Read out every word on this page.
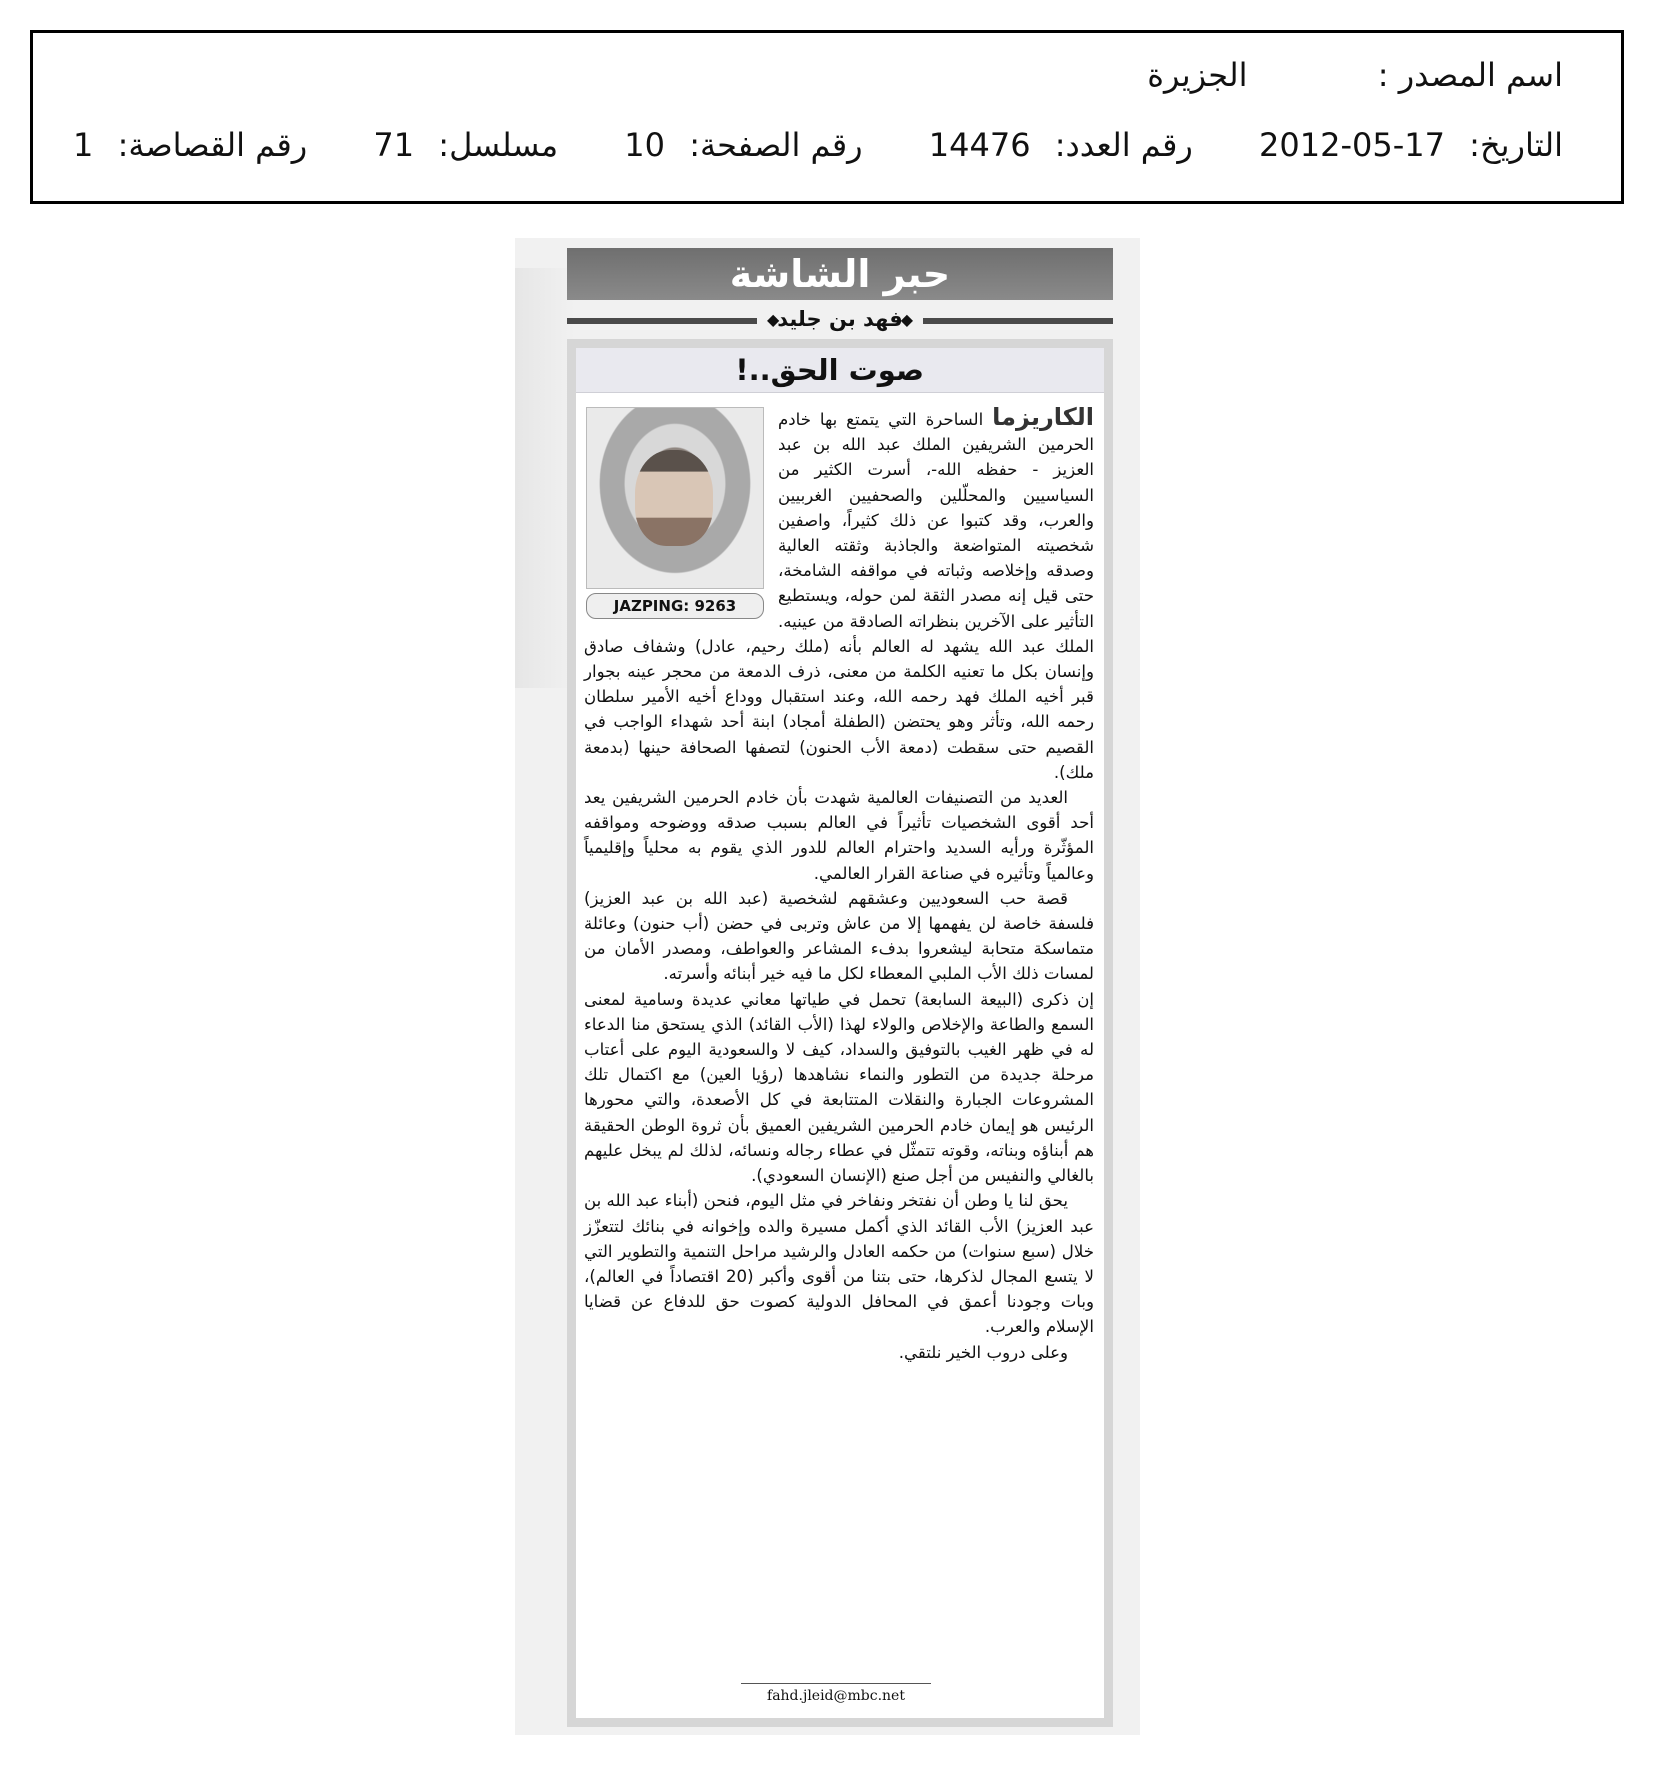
اسم المصدر : الجزيرة
التاريخ: 2012-05-17 رقم العدد: 14476 رقم الصفحة: 10 مسلسل: 71 رقم القصاصة: 1
حبر الشاشة
◆
فهد بن جليد
◆
صوت الحق..!
JAZPING: 9263

الكاريزما الساحرة التي يتمتع بها خادم الحرمين الشريفين الملك عبد الله بن عبد العزيز - حفظه الله-، أسرت الكثير من السياسيين والمحلّلين والصحفيين الغربيين والعرب، وقد كتبوا عن ذلك كثيراً، واصفين شخصيته المتواضعة والجاذبة وثقته العالية وصدقه وإخلاصه وثباته في مواقفه الشامخة، حتى قيل إنه مصدر الثقة لمن حوله، ويستطيع التأثير على الآخرين بنظراته الصادقة من عينيه. الملك عبد الله يشهد له العالم بأنه (ملك رحيم، عادل) وشفاف صادق وإنسان بكل ما تعنيه الكلمة من معنى، ذرف الدمعة من محجر عينه بجوار قبر أخيه الملك فهد رحمه الله، وعند استقبال ووداع أخيه الأمير سلطان رحمه الله، وتأثر وهو يحتضن (الطفلة أمجاد) ابنة أحد شهداء الواجب في القصيم حتى سقطت (دمعة الأب الحنون) لتصفها الصحافة حينها (بدمعة ملك).

العديد من التصنيفات العالمية شهدت بأن خادم الحرمين الشريفين يعد أحد أقوى الشخصيات تأثيراً في العالم بسبب صدقه ووضوحه ومواقفه المؤثّرة ورأيه السديد واحترام العالم للدور الذي يقوم به محلياً وإقليمياً وعالمياً وتأثيره في صناعة القرار العالمي.

قصة حب السعوديين وعشقهم لشخصية (عبد الله بن عبد العزيز) فلسفة خاصة لن يفهمها إلا من عاش وتربى في حضن (أب حنون) وعائلة متماسكة متحابة ليشعروا بدفء المشاعر والعواطف، ومصدر الأمان من لمسات ذلك الأب الملبي المعطاء لكل ما فيه خير أبنائه وأسرته.

إن ذكرى (البيعة السابعة) تحمل في طياتها معاني عديدة وسامية لمعنى السمع والطاعة والإخلاص والولاء لهذا (الأب القائد) الذي يستحق منا الدعاء له في ظهر الغيب بالتوفيق والسداد، كيف لا والسعودية اليوم على أعتاب مرحلة جديدة من التطور والنماء نشاهدها (رؤيا العين) مع اكتمال تلك المشروعات الجبارة والنقلات المتتابعة في كل الأصعدة، والتي محورها الرئيس هو إيمان خادم الحرمين الشريفين العميق بأن ثروة الوطن الحقيقة هم أبناؤه وبناته، وقوته تتمثّل في عطاء رجاله ونسائه، لذلك لم يبخل عليهم بالغالي والنفيس من أجل صنع (الإنسان السعودي).

يحق لنا يا وطن أن نفتخر ونفاخر في مثل اليوم، فنحن (أبناء عبد الله بن عبد العزيز) الأب القائد الذي أكمل مسيرة والده وإخوانه في بنائك لتتعزّز خلال (سبع سنوات) من حكمه العادل والرشيد مراحل التنمية والتطوير التي لا يتسع المجال لذكرها، حتى بتنا من أقوى وأكبر (20 اقتصاداً في العالم)، وبات وجودنا أعمق في المحافل الدولية كصوت حق للدفاع عن قضايا الإسلام والعرب.

وعلى دروب الخير نلتقي.

fahd.jleid@mbc.net
